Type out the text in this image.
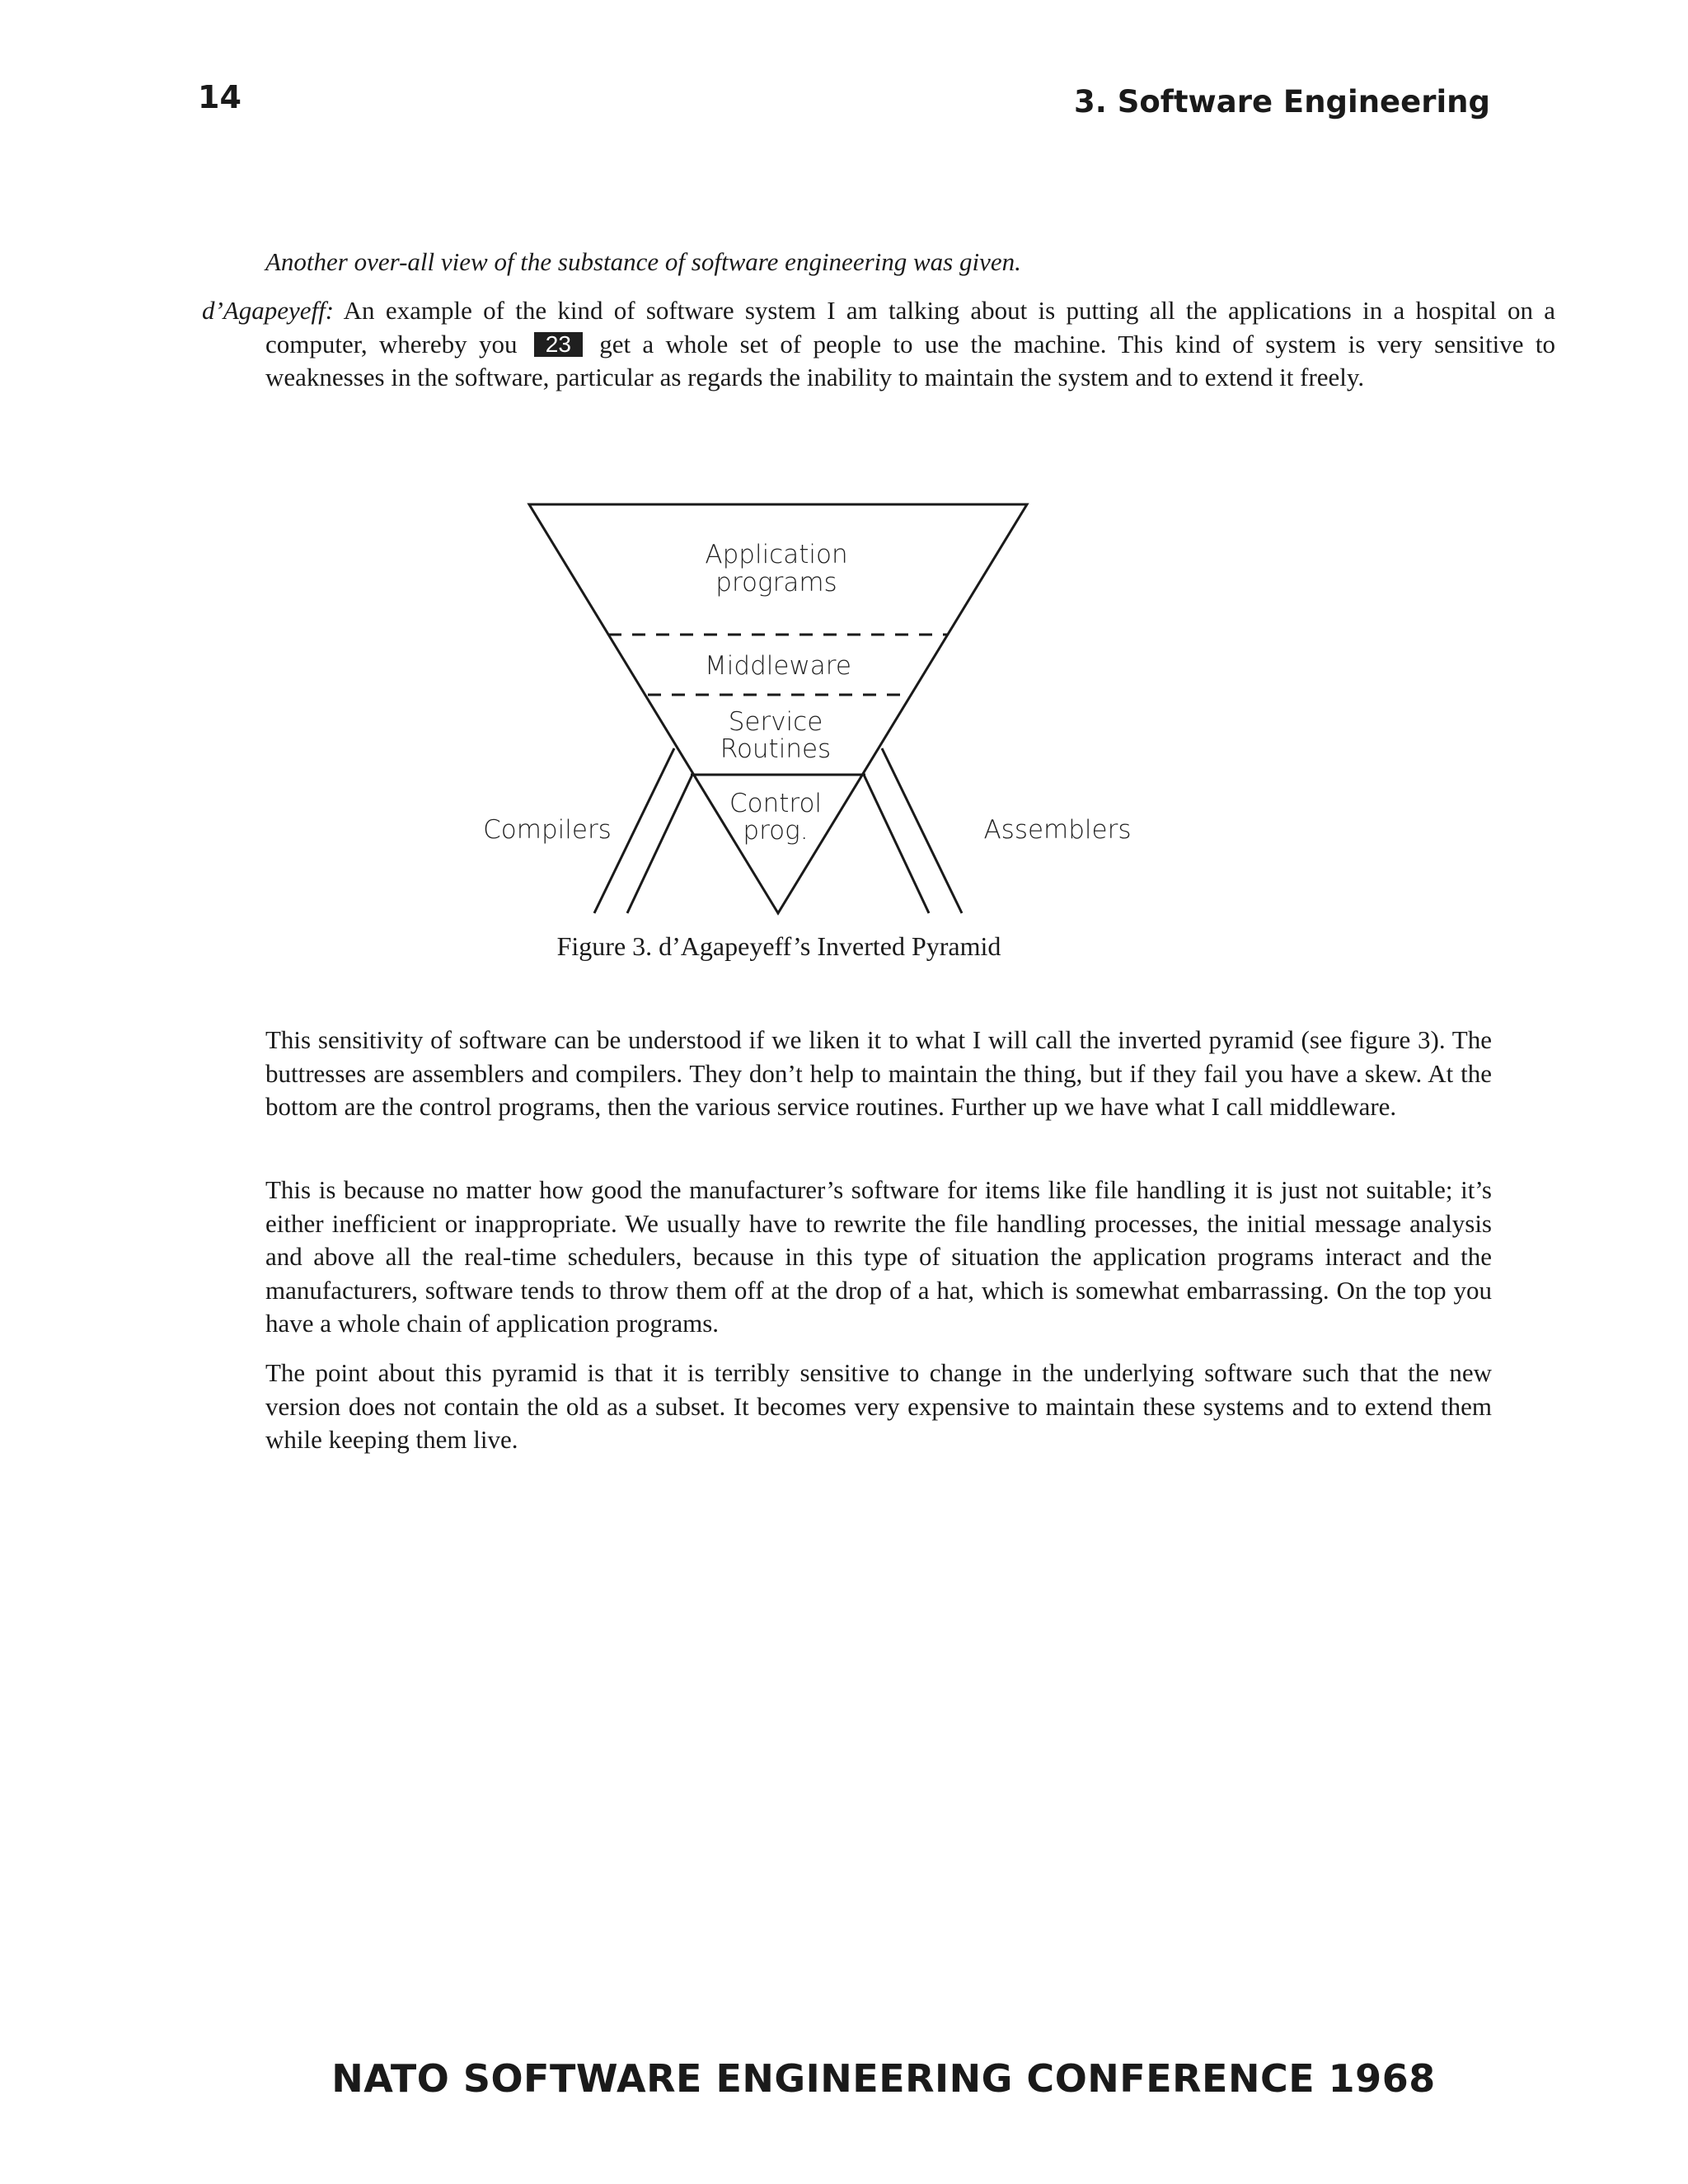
14	3. Software Engineering
Another over-all view of the substance of software engineering was given.
d’Agapeyeff: An example of the kind of software system I am talking about is putting all the applications in a hospital on a computer, whereby you 23 get a whole set of people to use the machine. This kind of system is very sensitive to weaknesses in the software, particular as regards the inability to maintain the system and to extend it freely.
Application
programs
Middleware
Service
Routines
Control
prog.
Compilers	Assemblers
Figure 3. d’Agapeyeff’s Inverted Pyramid
This sensitivity of software can be understood if we liken it to what I will call the inverted pyramid (see figure 3). The buttresses are assemblers and compilers. They don’t help to maintain the thing, but if they fail you have a skew. At the bottom are the control programs, then the various service routines. Further up we have what I call middleware.
This is because no matter how good the manufacturer’s software for items like file handling it is just not suitable; it’s either inefficient or inappropriate. We usually have to rewrite the file handling processes, the initial message analysis and above all the real-time schedulers, because in this type of situation the application programs interact and the manufacturers, software tends to throw them off at the drop of a hat, which is somewhat embarrassing. On the top you have a whole chain of application programs.
The point about this pyramid is that it is terribly sensitive to change in the underlying software such that the new version does not contain the old as a subset. It becomes very expensive to maintain these systems and to extend them while keeping them live.
NATO SOFTWARE ENGINEERING CONFERENCE 1968
